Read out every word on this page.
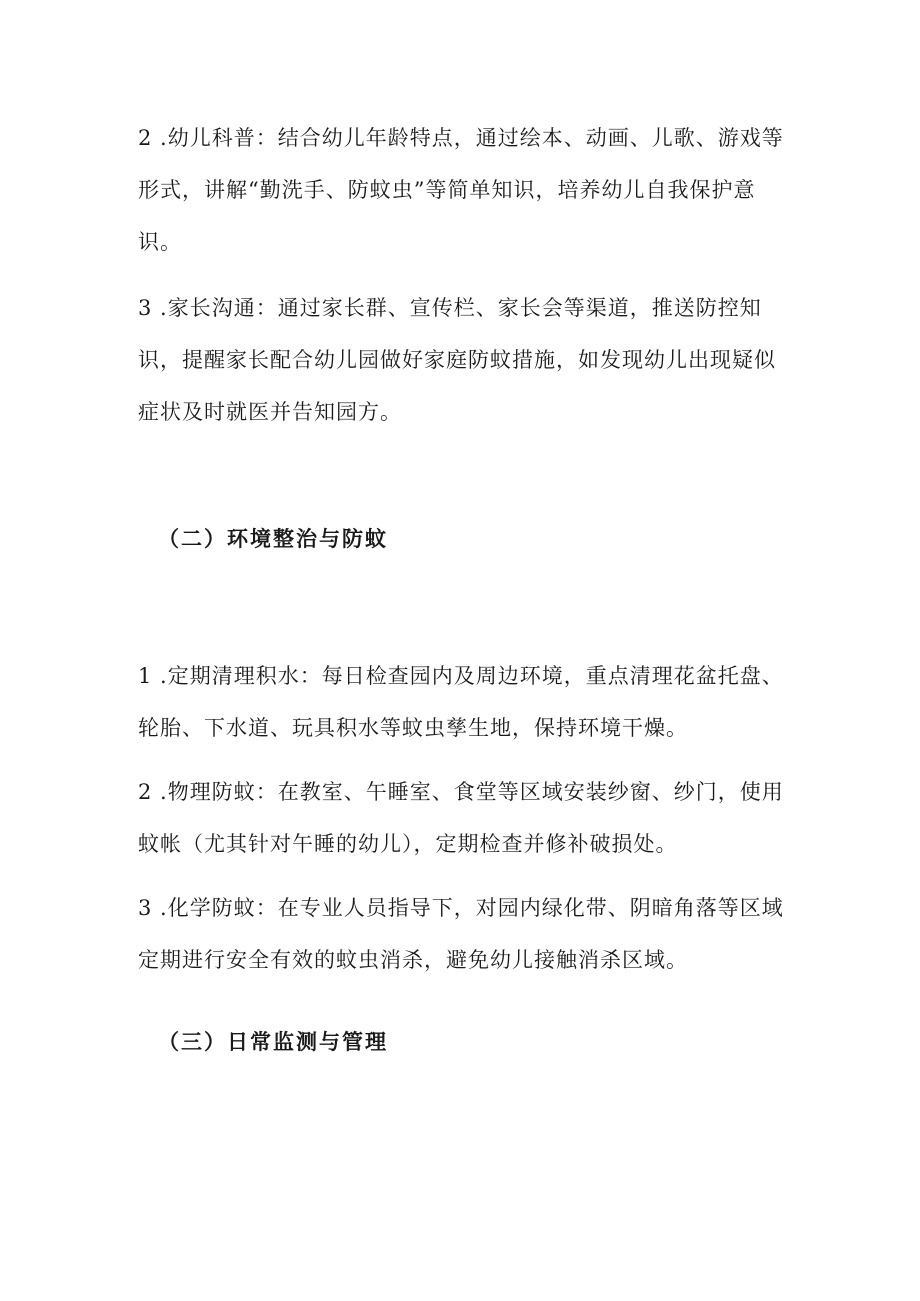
2 .幼儿科普：结合幼儿年龄特点，通过绘本、动画、儿歌、游戏等形式，讲解“勤洗手、防蚊虫”等简单知识，培养幼儿自我保护意识。

3 .家长沟通：通过家长群、宣传栏、家长会等渠道，推送防控知识，提醒家长配合幼儿园做好家庭防蚊措施，如发现幼儿出现疑似症状及时就医并告知园方。

（二）环境整治与防蚊

1 .定期清理积水：每日检查园内及周边环境，重点清理花盆托盘、轮胎、下水道、玩具积水等蚊虫孳生地，保持环境干燥。

2 .物理防蚊：在教室、午睡室、食堂等区域安装纱窗、纱门，使用蚊帐（尤其针对午睡的幼儿），定期检查并修补破损处。

3 .化学防蚊：在专业人员指导下，对园内绿化带、阴暗角落等区域定期进行安全有效的蚊虫消杀，避免幼儿接触消杀区域。

（三）日常监测与管理
